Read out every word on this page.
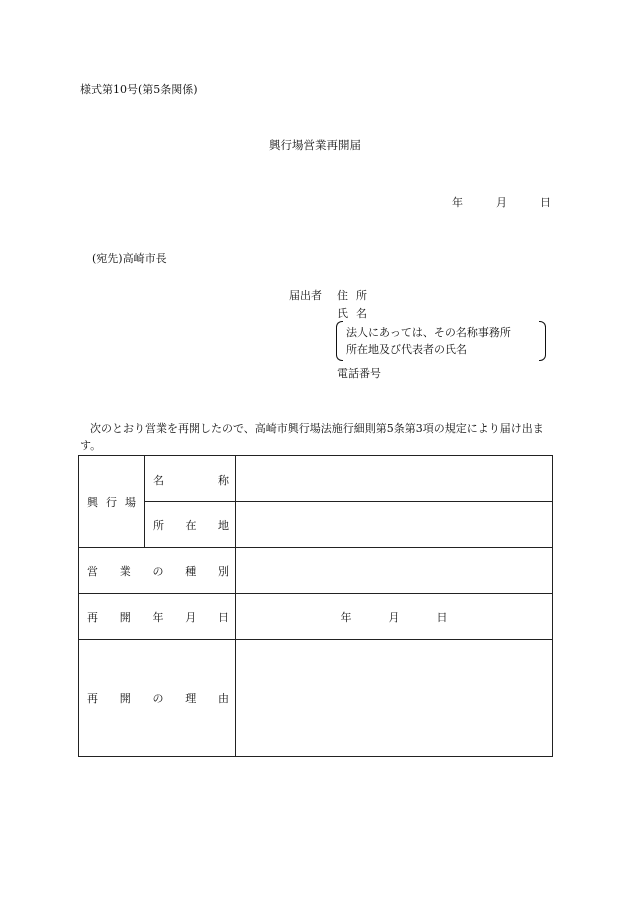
様式第10号(第5条関係)
興行場営業再開届
年	月	日
(宛先)高崎市長
届出者 住所
氏名
法人にあっては、その名称事務所
所在地及び代表者の氏名
電話番号
次のとおり営業を再開したので、高崎市興行場法施行細則第5条第3項の規定により届け出ます。
興 行 場	名 称	

	所 在 地	

営 業 の 種 別		

再 開 年 月 日		年 月 日

再 開 の 理 由		
